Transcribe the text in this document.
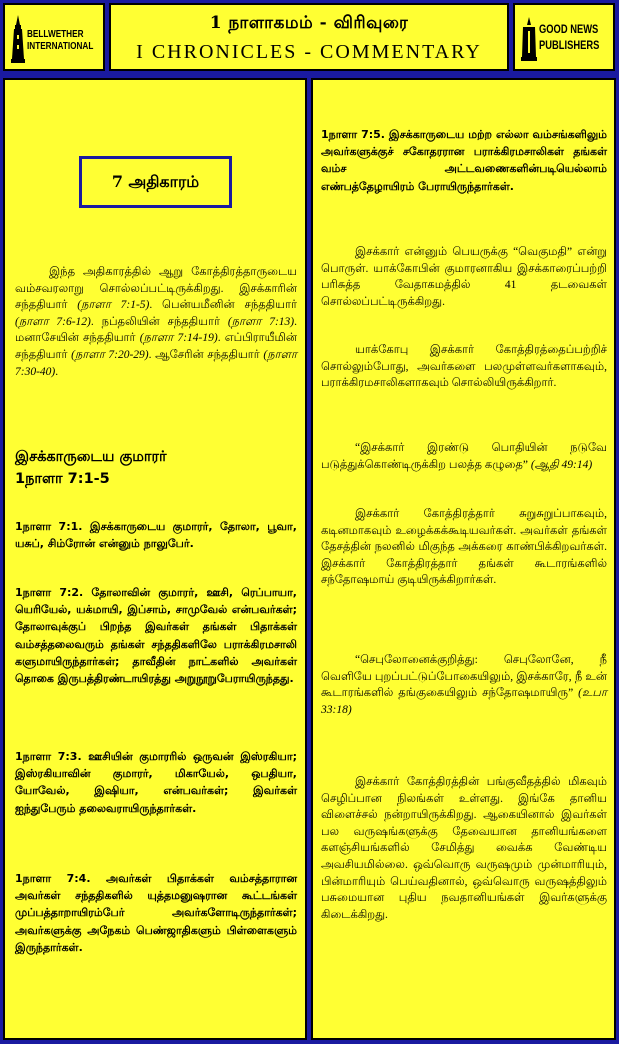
BELLWETHER
INTERNATIONAL
1 நாளாகமம் - விரிவுரை
I CHRONICLES - COMMENTARY
GOOD NEWS
PUBLISHERS
7 அதிகாரம்

இந்த அதிகாரத்தில் ஆறு கோத்திரத்தாருடைய வம்சவரலாறு சொல்லப்பட்டிருக்கிறது. இசக்காரின் சந்ததியார் (நாளா 7:1-5). பென்யமீனின் சந்ததியார் (நாளா 7:6-12). நப்தலியின் சந்ததியார் (நாளா 7:13). மனாசேயின் சந்ததியார் (நாளா 7:14-19). எப்பிராயீமின் சந்ததியார் (நாளா 7:20-29). ஆசேரின் சந்ததியார் (நாளா 7:30-40).

இசக்காருடைய குமாரர்
1நாளா 7:1-5

1நாளா 7:1. இசக்காருடைய குமாரர், தோலா, பூவா, யசுப், சிம்ரோன் என்னும் நாலுபேர்.

1நாளா 7:2. தோலாவின் குமாரர், ஊசி, ரெப்பாயா, யெரியேல், யக்மாயி, இப்சாம், சாமுவேல் என்பவர்கள்; தோலாவுக்குப் பிறந்த இவர்கள் தங்கள் பிதாக்கள் வம்சத்தலைவரும் தங்கள் சந்ததிகளிலே பராக்கிரமசாலி களுமாயிருந்தார்கள்; தாவீதின் நாட்களில் அவர்கள் தொகை இருபத்திரண்டாயிரத்து அறுநூறுபேராயிருந்தது.

1நாளா 7:3. ஊசியின் குமாரரில் ஒருவன் இஸ்ரகியா; இஸ்ரகியாவின் குமாரர், மிகாயேல், ஒபதியா, யோவேல், இஷியா, என்பவர்கள்; இவர்கள் ஐந்துபேரும் தலைவராயிருந்தார்கள்.

1நாளா 7:4. அவர்கள் பிதாக்கள் வம்சத்தாரான அவர்கள் சந்ததிகளில் யுத்தமனுஷரான கூட்டங்கள் முப்பத்தாறாயிரம்பேர் அவர்களோடிருந்தார்கள்; அவர்களுக்கு அநேகம் பெண்ஜாதிகளும் பிள்ளைகளும் இருந்தார்கள்.

1நாளா 7:5. இசக்காருடைய மற்ற எல்லா வம்சங்களிலும் அவர்களுக்குச் சகோதரரான பராக்கிரமசாலிகள் தங்கள் வம்ச அட்டவணைகளின்படியெல்லாம் எண்பத்தேழாயிரம் பேராயிருந்தார்கள்.

இசக்கார் என்னும் பெயருக்கு “வெகுமதி” என்று பொருள். யாக்கோபின் குமாரனாகிய இசக்காரைப்பற்றி பரிசுத்த வேதாகமத்தில் 41 தடவைகள் சொல்லப்பட்டிருக்கிறது.

யாக்கோபு இசக்கார் கோத்திரத்தைப்பற்றிச் சொல்லும்போது, அவர்களை பலமுள்ளவர்களாகவும், பராக்கிரமசாலிகளாகவும் சொல்லியிருக்கிறார்.

“இசக்கார் இரண்டு பொதியின் நடுவே படுத்துக்கொண்டிருக்கிற பலத்த கழுதை” (ஆதி 49:14)

இசக்கார் கோத்திரத்தார் சுறுசுறுப்பாகவும், கடினமாகவும் உழைக்கக்கூடியவர்கள். அவர்கள் தங்கள் தேசத்தின் நலனில் மிகுந்த அக்கரை காண்பிக்கிறவர்கள். இசக்கார் கோத்திரத்தார் தங்கள் கூடாரங்களில் சந்தோஷமாய் குடியிருக்கிறார்கள்.

“செபுலோனைக்குறித்து: செபுலோனே, நீ வெளியே புறப்பட்டுப்போகையிலும், இசக்காரே, நீ உன் கூடாரங்களில் தங்குகையிலும் சந்தோஷமாயிரு” (உபா 33:18)

இசக்கார் கோத்திரத்தின் பங்குவீதத்தில் மிகவும் செழிப்பான நிலங்கள் உள்ளது. இங்கே தானிய விளைச்சல் நன்றாயிருக்கிறது. ஆகையினால் இவர்கள் பல வருஷங்களுக்கு தேவையான தானியங்களை களஞ்சியங்களில் சேமித்து வைக்க வேண்டிய அவசியமில்லை. ஒவ்வொரு வருஷமும் முன்மாரியும், பின்மாரியும் பெய்வதினால், ஒவ்வொரு வருஷத்திலும் பசுமையான புதிய நவதானியங்கள் இவர்களுக்கு கிடைக்கிறது.
